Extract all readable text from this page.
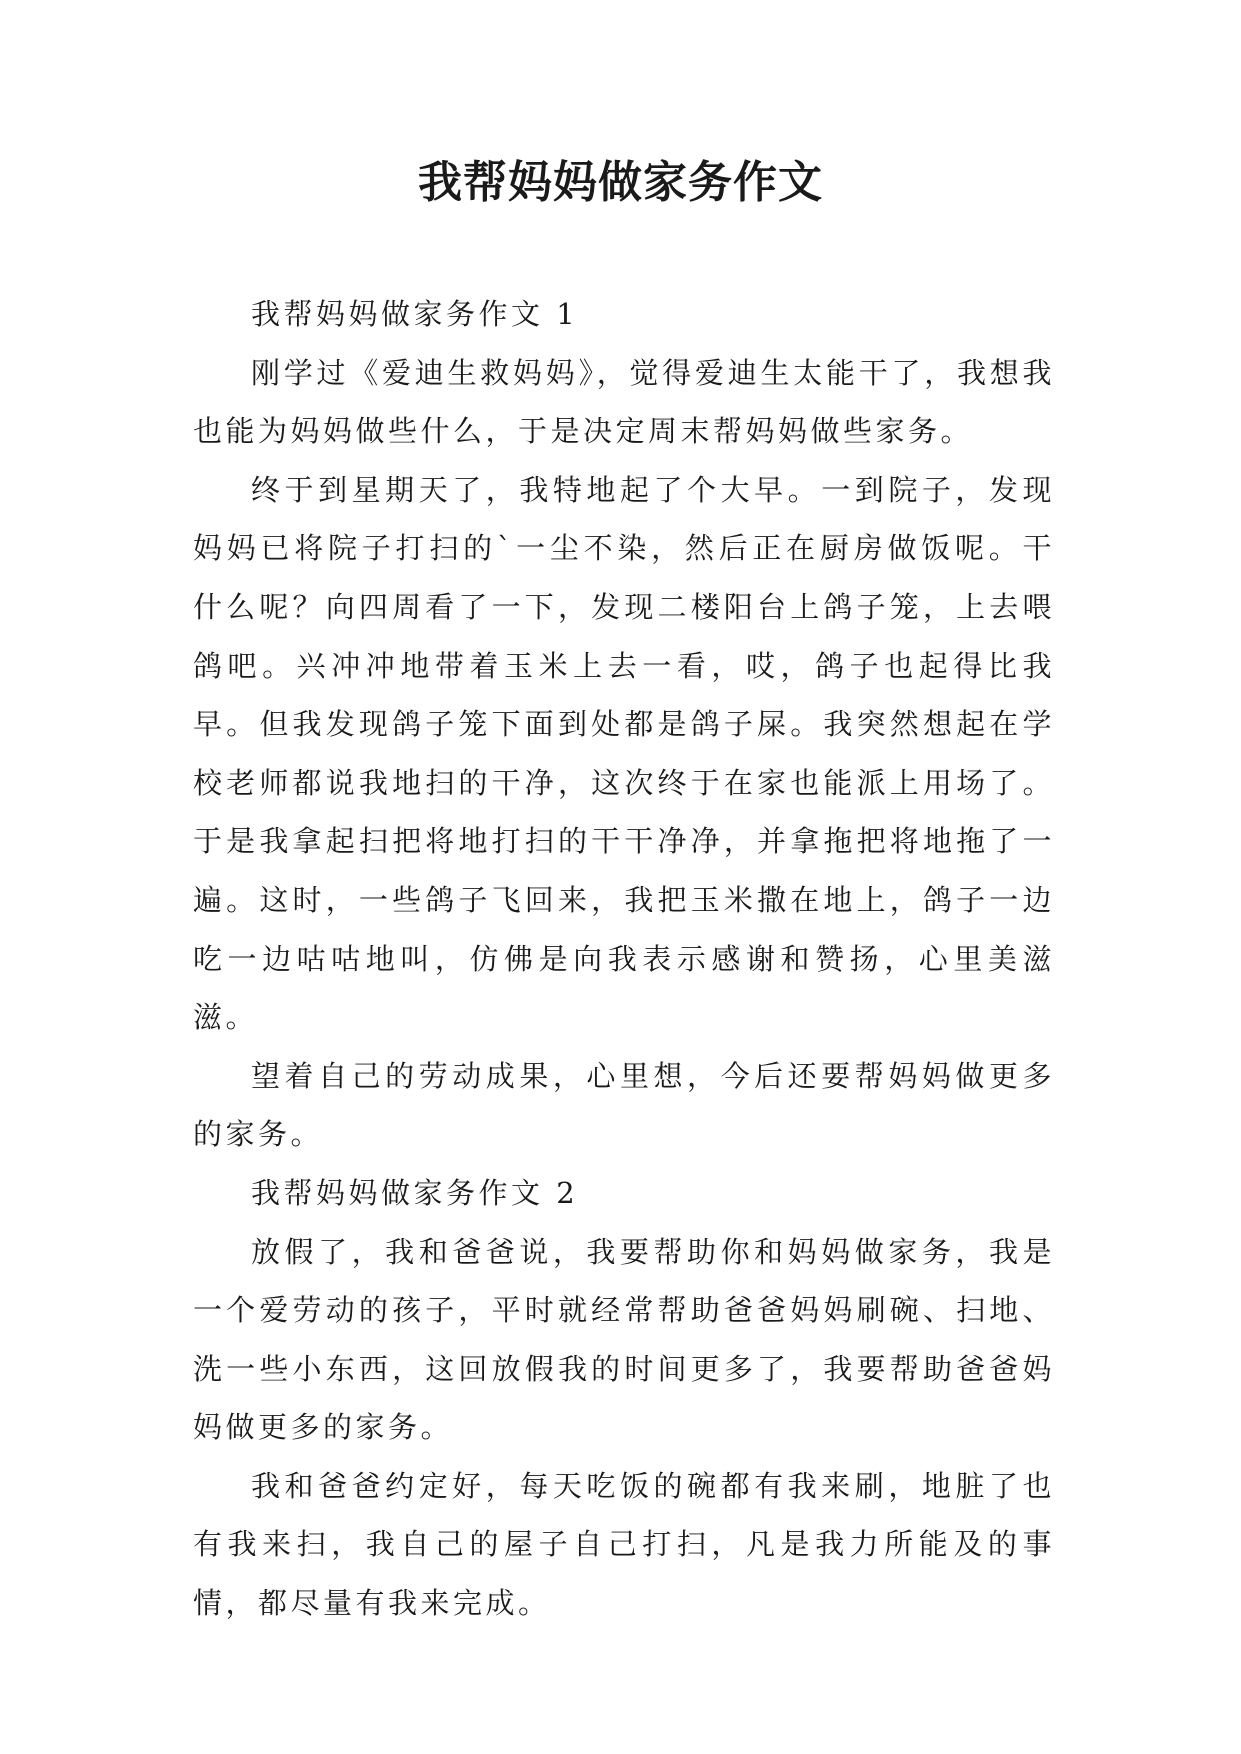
我帮妈妈做家务作文

我帮妈妈做家务作文 1

刚学过《爱迪生救妈妈》，觉得爱迪生太能干了，我想我也能为妈妈做些什么，于是决定周末帮妈妈做些家务。

终于到星期天了，我特地起了个大早。一到院子，发现妈妈已将院子打扫的`一尘不染，然后正在厨房做饭呢。干什么呢？向四周看了一下，发现二楼阳台上鸽子笼，上去喂鸽吧。兴冲冲地带着玉米上去一看，哎，鸽子也起得比我早。但我发现鸽子笼下面到处都是鸽子屎。我突然想起在学校老师都说我地扫的干净，这次终于在家也能派上用场了。于是我拿起扫把将地打扫的干干净净，并拿拖把将地拖了一遍。这时，一些鸽子飞回来，我把玉米撒在地上，鸽子一边吃一边咕咕地叫，仿佛是向我表示感谢和赞扬，心里美滋滋。

望着自己的劳动成果，心里想，今后还要帮妈妈做更多的家务。

我帮妈妈做家务作文 2

放假了，我和爸爸说，我要帮助你和妈妈做家务，我是一个爱劳动的孩子，平时就经常帮助爸爸妈妈刷碗、扫地、洗一些小东西，这回放假我的时间更多了，我要帮助爸爸妈妈做更多的家务。

我和爸爸约定好，每天吃饭的碗都有我来刷，地脏了也有我来扫，我自己的屋子自己打扫，凡是我力所能及的事情，都尽量有我来完成。
